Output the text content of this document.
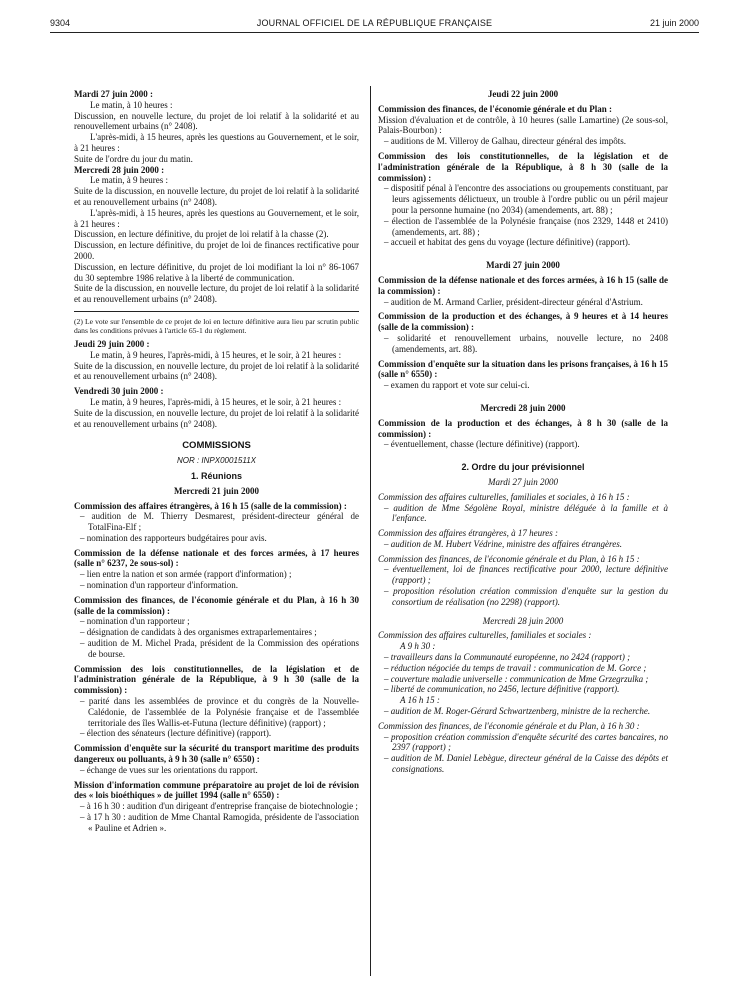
9304	JOURNAL OFFICIEL DE LA RÉPUBLIQUE FRANÇAISE	21 juin 2000

Mardi 27 juin 2000 :

Le matin, à 10 heures :

Discussion, en nouvelle lecture, du projet de loi relatif à la solidarité et au renouvellement urbains (n° 2408).

L'après-midi, à 15 heures, après les questions au Gouvernement, et le soir, à 21 heures :

Suite de l'ordre du jour du matin.

Mercredi 28 juin 2000 :

Le matin, à 9 heures :

Suite de la discussion, en nouvelle lecture, du projet de loi relatif à la solidarité et au renouvellement urbains (n° 2408).

L'après-midi, à 15 heures, après les questions au Gouvernement, et le soir, à 21 heures :

Discussion, en lecture définitive, du projet de loi relatif à la chasse (2).

Discussion, en lecture définitive, du projet de loi de finances rectificative pour 2000.

Discussion, en lecture définitive, du projet de loi modifiant la loi n° 86-1067 du 30 septembre 1986 relative à la liberté de communication.

Suite de la discussion, en nouvelle lecture, du projet de loi relatif à la solidarité et au renouvellement urbains (n° 2408).

(2) Le vote sur l'ensemble de ce projet de loi en lecture définitive aura lieu par scrutin public dans les conditions prévues à l'article 65-1 du règlement.

Jeudi 29 juin 2000 :

Le matin, à 9 heures, l'après-midi, à 15 heures, et le soir, à 21 heures :

Suite de la discussion, en nouvelle lecture, du projet de loi relatif à la solidarité et au renouvellement urbains (n° 2408).

Vendredi 30 juin 2000 :

Le matin, à 9 heures, l'après-midi, à 15 heures, et le soir, à 21 heures :

Suite de la discussion, en nouvelle lecture, du projet de loi relatif à la solidarité et au renouvellement urbains (n° 2408).

COMMISSIONS

NOR : INPX0001511X

1. Réunions

Mercredi 21 juin 2000

Commission des affaires étrangères, à 16 h 15 (salle de la commission) :

– audition de M. Thierry Desmarest, président-directeur général de TotalFina-Elf ;

– nomination des rapporteurs budgétaires pour avis.

Commission de la défense nationale et des forces armées, à 17 heures (salle n° 6237, 2e sous-sol) :

– lien entre la nation et son armée (rapport d'information) ;

– nomination d'un rapporteur d'information.

Commission des finances, de l'économie générale et du Plan, à 16 h 30 (salle de la commission) :

– nomination d'un rapporteur ;

– désignation de candidats à des organismes extraparlementaires ;

– audition de M. Michel Prada, président de la Commission des opérations de bourse.

Commission des lois constitutionnelles, de la législation et de l'administration générale de la République, à 9 h 30 (salle de la commission) :

– parité dans les assemblées de province et du congrès de la Nouvelle-Calédonie, de l'assemblée de la Polynésie française et de l'assemblée territoriale des îles Wallis-et-Futuna (lecture définitive) (rapport) ;

– élection des sénateurs (lecture définitive) (rapport).

Commission d'enquête sur la sécurité du transport maritime des produits dangereux ou polluants, à 9 h 30 (salle n° 6550) :

– échange de vues sur les orientations du rapport.

Mission d'information commune préparatoire au projet de loi de révision des « lois bioéthiques » de juillet 1994 (salle n° 6550) :

– à 16 h 30 : audition d'un dirigeant d'entreprise française de biotechnologie ;

– à 17 h 30 : audition de Mme Chantal Ramogida, présidente de l'association « Pauline et Adrien ».

Jeudi 22 juin 2000

Commission des finances, de l'économie générale et du Plan :

Mission d'évaluation et de contrôle, à 10 heures (salle Lamartine) (2e sous-sol, Palais-Bourbon) :

– auditions de M. Villeroy de Galhau, directeur général des impôts.

Commission des lois constitutionnelles, de la législation et de l'administration générale de la République, à 8 h 30 (salle de la commission) :

– dispositif pénal à l'encontre des associations ou groupements constituant, par leurs agissements délictueux, un trouble à l'ordre public ou un péril majeur pour la personne humaine (no 2034) (amendements, art. 88) ;

– élection de l'assemblée de la Polynésie française (nos 2329, 1448 et 2410) (amendements, art. 88) ;

– accueil et habitat des gens du voyage (lecture définitive) (rapport).

Mardi 27 juin 2000

Commission de la défense nationale et des forces armées, à 16 h 15 (salle de la commission) :

– audition de M. Armand Carlier, président-directeur général d'Astrium.

Commission de la production et des échanges, à 9 heures et à 14 heures (salle de la commission) :

– solidarité et renouvellement urbains, nouvelle lecture, no 2408 (amendements, art. 88).

Commission d'enquête sur la situation dans les prisons françaises, à 16 h 15 (salle n° 6550) :

– examen du rapport et vote sur celui-ci.

Mercredi 28 juin 2000

Commission de la production et des échanges, à 8 h 30 (salle de la commission) :

– éventuellement, chasse (lecture définitive) (rapport).

2. Ordre du jour prévisionnel

Mardi 27 juin 2000

Commission des affaires culturelles, familiales et sociales, à 16 h 15 :

– audition de Mme Ségolène Royal, ministre déléguée à la famille et à l'enfance.

Commission des affaires étrangères, à 17 heures :

– audition de M. Hubert Védrine, ministre des affaires étrangères.

Commission des finances, de l'économie générale et du Plan, à 16 h 15 :

– éventuellement, loi de finances rectificative pour 2000, lecture définitive (rapport) ;

– proposition résolution création commission d'enquête sur la gestion du consortium de réalisation (no 2298) (rapport).

Mercredi 28 juin 2000

Commission des affaires culturelles, familiales et sociales :

A 9 h 30 :

– travailleurs dans la Communauté européenne, no 2424 (rapport) ;

– réduction négociée du temps de travail : communication de M. Gorce ;

– couverture maladie universelle : communication de Mme Grzegrzulka ;

– liberté de communication, no 2456, lecture définitive (rapport).

A 16 h 15 :

– audition de M. Roger-Gérard Schwartzenberg, ministre de la recherche.

Commission des finances, de l'économie générale et du Plan, à 16 h 30 :

– proposition création commission d'enquête sécurité des cartes bancaires, no 2397 (rapport) ;

– audition de M. Daniel Lebègue, directeur général de la Caisse des dépôts et consignations.
